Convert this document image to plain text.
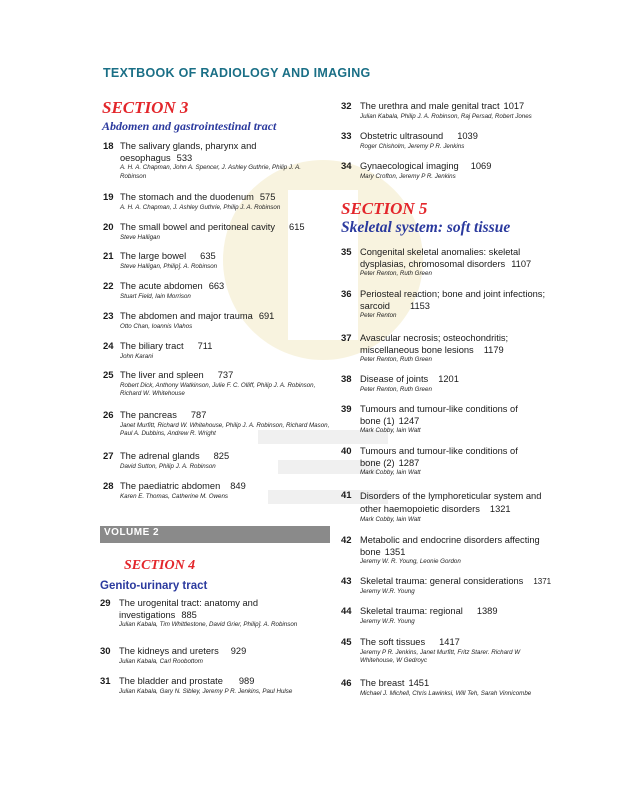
TEXTBOOK OF RADIOLOGY AND IMAGING
SECTION 3
Abdomen and gastrointestinal tract
18 The salivary glands, pharynx and oesophagus 533
A. H. A. Chapman, John A. Spencer, J. Ashley Guthrie, Philip J. A. Robinson
19 The stomach and the duodenum 575
A. H. A. Chapman, J. Ashley Guthrie, Philip J. A. Robinson
20 The small bowel and peritoneal cavity 615
Steve Halligan
21 The large bowel 635
Steve Halligan, Philip]. A. Robinson
22 The acute abdomen 663
Stuart Field, Iain Morrison
23 The abdomen and major trauma 691
Otto Chan, Ioannis Vlahos
24 The biliary tract 711
John Karani
25 The liver and spleen 737
Robert Dick, Anthony Watkinson, Julie F. C. Olliff, Philip J. A. Robinson, Richard W. Whitehouse
26 The pancreas 787
Janet Murfitt, Richard W. Whitehouse, Philip J. A. Robinson, Richard Mason, Paul A. Dubbins, Andrew R. Wright
27 The adrenal glands 825
David Sutton, Philip J. A. Robinson
28 The paediatric abdomen 849
Karen E. Thomas, Catherine M. Owens
VOLUME 2
SECTION 4
Genito-urinary tract
29 The urogenital tract: anatomy and investigations 885
Julian Kabala, Tim Whittlestone, David Grier, Philip]. A. Robinson
30 The kidneys and ureters 929
Julian Kabala, Carl Roobottom
31 The bladder and prostate 989
Julian Kabala, Gary N. Sibley, Jeremy P R. Jenkins, Paul Hulse
32 The urethra and male genital tract 1017
Julian Kabala, Philip J. A. Robinson, Raj Persad, Robert Jones
33 Obstetric ultrasound 1039
Roger Chisholm, Jeremy P R. Jenkins
34 Gynaecological imaging 1069
Mary Crofton, Jeremy P R. Jenkins
SECTION 5
Skeletal system: soft tissue
35 Congenital skeletal anomalies: skeletal dysplasias, chromosomal disorders 1107
Peter Renton, Ruth Green
36 Periosteal reaction; bone and joint infections; sarcoid 1153
Peter Renton
37 Avascular necrosis; osteochondritis; miscellaneous bone lesions 1179
Peter Renton, Ruth Green
38 Disease of joints 1201
Peter Renton, Ruth Green
39 Tumours and tumour-like conditions of bone (1) 1247
Mark Cobby, Iain Watt
40 Tumours and tumour-like conditions of bone (2) 1287
Mark Cobby, Iain Watt
41 Disorders of the lymphoreticular system and other haemopoietic disorders 1321
Mark Cobby, Iain Watt
42 Metabolic and endocrine disorders affecting bone 1351
Jeremy W. R. Young, Leonie Gordon
43 Skeletal trauma: general considerations 1371
Jeremy W.R. Young
44 Skeletal trauma: regional 1389
Jeremy W.R. Young
45 The soft tissues 1417
Jeremy P R. Jenkins, Janet Murfitt, Fritz Starer. Richard W Whitehouse, W Gedroyc
46 The breast 1451
Michael J. Michell, Chris Lawinksi, Will Teh, Sarah Vinnicombe
